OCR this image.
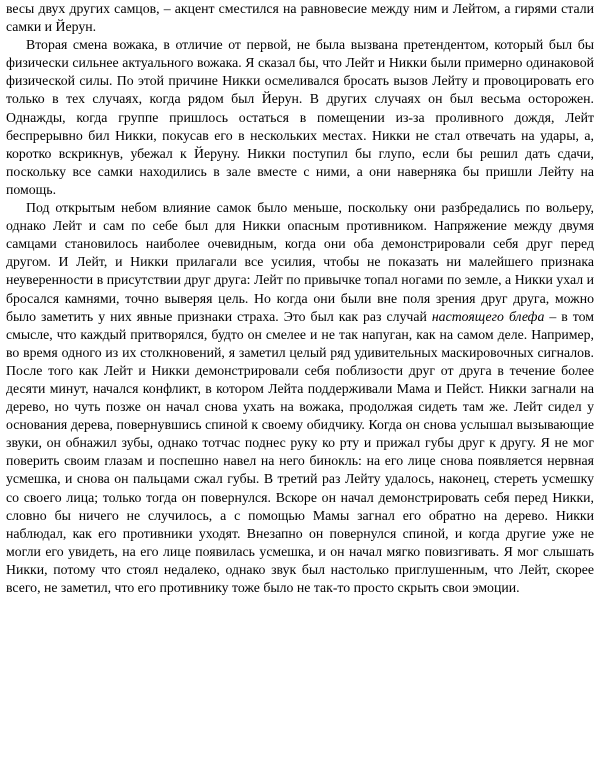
весы двух других самцов, – акцент сместился на равновесие между ним и Лейтом, а гирями стали самки и Йерун.

Вторая смена вожака, в отличие от первой, не была вызвана претендентом, который был бы физически сильнее актуального вожака. Я сказал бы, что Лейт и Никки были примерно одинаковой физической силы. По этой причине Никки осмеливался бросать вызов Лейту и провоцировать его только в тех случаях, когда рядом был Йерун. В других случаях он был весьма осторожен. Однажды, когда группе пришлось остаться в помещении из-за проливного дождя, Лейт беспрерывно бил Никки, покусав его в нескольких местах. Никки не стал отвечать на удары, а, коротко вскрикнув, убежал к Йеруну. Никки поступил бы глупо, если бы решил дать сдачи, поскольку все самки находились в зале вместе с ними, а они наверняка бы пришли Лейту на помощь.

Под открытым небом влияние самок было меньше, поскольку они разбредались по вольеру, однако Лейт и сам по себе был для Никки опасным противником. Напряжение между двумя самцами становилось наиболее очевидным, когда они оба демонстрировали себя друг перед другом. И Лейт, и Никки прилагали все усилия, чтобы не показать ни малейшего признака неуверенности в присутствии друг друга: Лейт по привычке топал ногами по земле, а Никки ухал и бросался камнями, точно выверяя цель. Но когда они были вне поля зрения друг друга, можно было заметить у них явные признаки страха. Это был как раз случай настоящего блефа – в том смысле, что каждый притворялся, будто он смелее и не так напуган, как на самом деле. Например, во время одного из их столкновений, я заметил целый ряд удивительных маскировочных сигналов. После того как Лейт и Никки демонстрировали себя поблизости друг от друга в течение более десяти минут, начался конфликт, в котором Лейта поддерживали Мама и Пейст. Никки загнали на дерево, но чуть позже он начал снова ухать на вожака, продолжая сидеть там же. Лейт сидел у основания дерева, повернувшись спиной к своему обидчику. Когда он снова услышал вызывающие звуки, он обнажил зубы, однако тотчас поднес руку ко рту и прижал губы друг к другу. Я не мог поверить своим глазам и поспешно навел на него бинокль: на его лице снова появляется нервная усмешка, и снова он пальцами сжал губы. В третий раз Лейту удалось, наконец, стереть усмешку со своего лица; только тогда он повернулся. Вскоре он начал демонстрировать себя перед Никки, словно бы ничего не случилось, а с помощью Мамы загнал его обратно на дерево. Никки наблюдал, как его противники уходят. Внезапно он повернулся спиной, и когда другие уже не могли его увидеть, на его лице появилась усмешка, и он начал мягко повизгивать. Я мог слышать Никки, потому что стоял недалеко, однако звук был настолько приглушенным, что Лейт, скорее всего, не заметил, что его противнику тоже было не так-то просто скрыть свои эмоции.
